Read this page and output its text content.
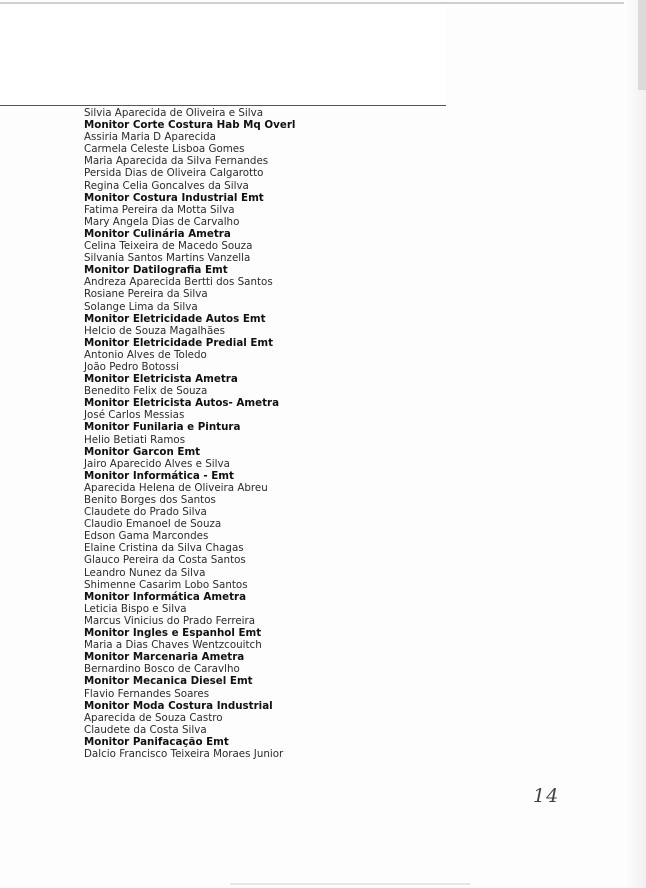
Silvia Aparecida de Oliveira e Silva
Monitor Corte Costura Hab Mq Overl
Assiria Maria D Aparecida
Carmela Celeste Lisboa Gomes
Maria Aparecida da Silva Fernandes
Persida Dias de Oliveira Calgarotto
Regina Celia Goncalves da Silva
Monitor Costura Industrial Emt
Fatima Pereira da Motta Silva
Mary Angela Dias de Carvalho
Monitor Culinária Ametra
Celina Teixeira de Macedo Souza
Silvania Santos Martins Vanzella
Monitor Datilografia Emt
Andreza Aparecida Bertti dos Santos
Rosiane Pereira da Silva
Solange Lima da Silva
Monitor Eletricidade Autos Emt
Helcio de Souza Magalhães
Monitor Eletricidade Predial Emt
Antonio Alves de Toledo
João Pedro Botossi
Monitor Eletricista Ametra
Benedito Felix de Souza
Monitor Eletricista Autos- Ametra
José Carlos Messias
Monitor Funilaria e Pintura
Helio Betiati Ramos
Monitor Garcon Emt
Jairo Aparecido Alves e Silva
Monitor Informática - Emt
Aparecida Helena de Oliveira Abreu
Benito Borges dos Santos
Claudete do Prado Silva
Claudio Emanoel de Souza
Edson Gama Marcondes
Elaine Cristina da Silva Chagas
Glauco Pereira da Costa Santos
Leandro Nunez da Silva
Shimenne Casarim Lobo Santos
Monitor Informática Ametra
Leticia Bispo e Silva
Marcus Vinicius do Prado Ferreira
Monitor Ingles e Espanhol Emt
Maria a Dias Chaves Wentzcouitch
Monitor Marcenaria Ametra
Bernardino Bosco de Caravlho
Monitor Mecanica Diesel Emt
Flavio Fernandes Soares
Monitor Moda Costura Industrial
Aparecida de Souza Castro
Claudete da Costa Silva
Monitor Panifacação Emt
Dalcio Francisco Teixeira Moraes Junior
14
